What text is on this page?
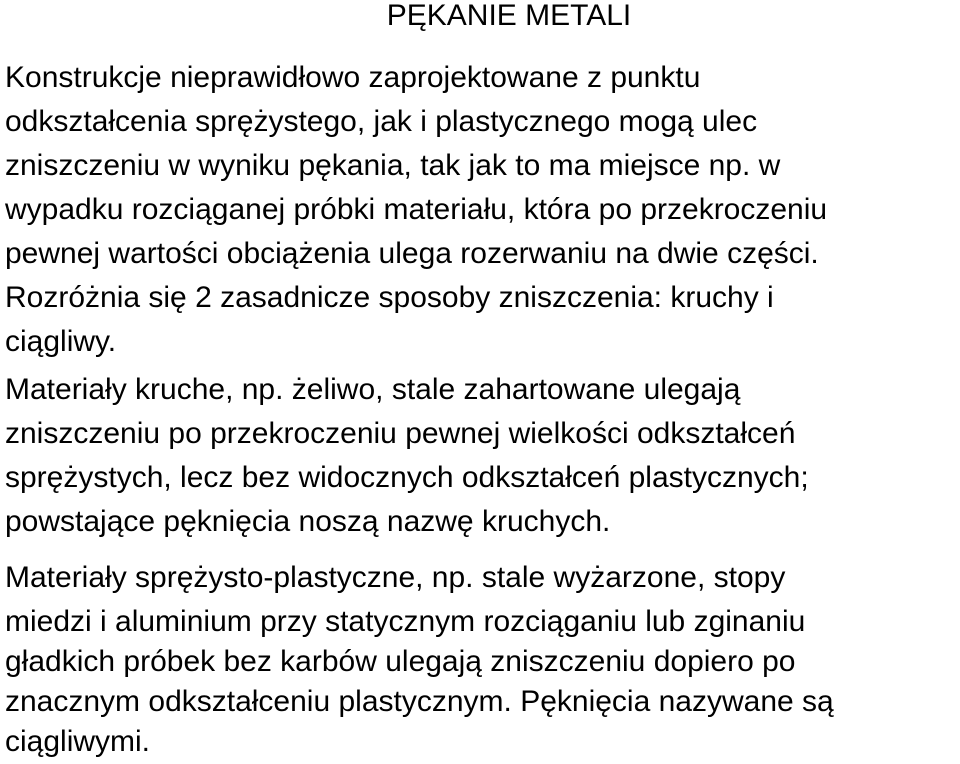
PĘKANIE METALI
Konstrukcje nieprawidłowo zaprojektowane z punktu
odkształcenia sprężystego, jak i plastycznego mogą ulec
zniszczeniu w wyniku pękania, tak jak to ma miejsce np. w
wypadku rozciąganej próbki materiału, która po przekroczeniu
pewnej wartości obciążenia ulega rozerwaniu na dwie części.
Rozróżnia się 2 zasadnicze sposoby zniszczenia: kruchy i
ciągliwy.
Materiały kruche, np. żeliwo, stale zahartowane ulegają
zniszczeniu po przekroczeniu pewnej wielkości odkształceń
sprężystych, lecz bez widocznych odkształceń plastycznych;
powstające pęknięcia noszą nazwę kruchych.
Materiały sprężysto-plastyczne, np. stale wyżarzone, stopy
miedzi i aluminium przy statycznym rozciąganiu lub zginaniu
gładkich próbek bez karbów ulegają zniszczeniu dopiero po
znacznym odkształceniu plastycznym. Pęknięcia nazywane są
ciągliwymi.
